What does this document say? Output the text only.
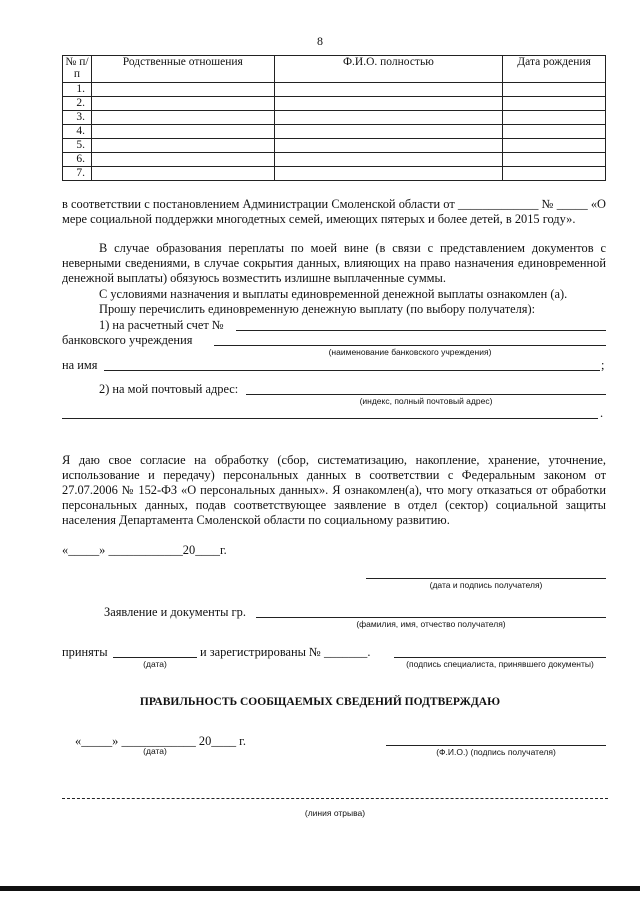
8
№ п/п	Родственные отношения	Ф.И.О. полностью	Дата рождения
1.			
2.			
3.			
4.			
5.			
6.			
7.			

в соответствии с постановлением Администрации Смоленской области от _____________ № _____ «О мере социальной поддержки многодетных семей, имеющих пятерых и более детей, в 2015 году».

В случае образования переплаты по моей вине (в связи с представлением документов с неверными сведениями, в случае сокрытия данных, влияющих на право назначения единовременной денежной выплаты) обязуюсь возместить излишне выплаченные суммы.

С условиями назначения и выплаты единовременной денежной выплаты ознакомлен (а).

Прошу перечислить единовременную денежную выплату (по выбору получателя):

1) на расчетный счет №
банковского учреждения
(наименование банковского учреждения)
на имя	;
2) на мой почтовый адрес:
(индекс, полный почтовый адрес)
.

Я даю свое согласие на обработку (сбор, систематизацию, накопление, хранение, уточнение, использование и передачу) персональных данных в соответствии с Федеральным законом от 27.07.2006 № 152-ФЗ «О персональных данных». Я ознакомлен(а), что могу отказаться от обработки персональных данных, подав соответствующее заявление в отдел (сектор) социальной защиты населения Департамента Смоленской области по социальному развитию.

«_____» ____________20____г.
(дата и подпись получателя)
Заявление и документы гр.
(фамилия, имя, отчество получателя)
приняты
(дата)
и зарегистрированы № _______.
(подпись специалиста, принявшего документы)
ПРАВИЛЬНОСТЬ СООБЩАЕМЫХ СВЕДЕНИЙ ПОДТВЕРЖДАЮ
«_____» ____________ 20____ г.
(дата)	(Ф.И.О.) (подпись получателя)
(линия отрыва)
